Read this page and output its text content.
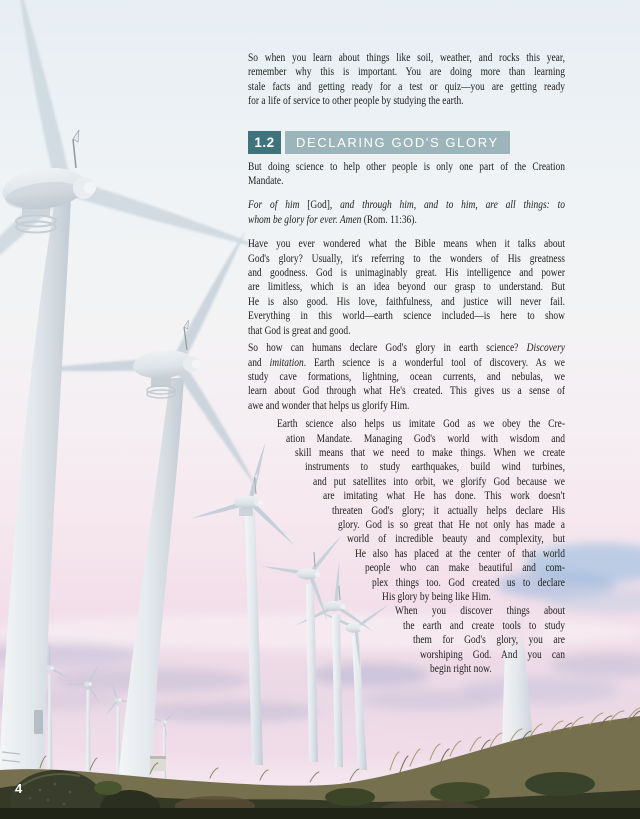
1.2	DECLARING GOD'S GLORY
So when you learn about things like soil, weather, and rocks this year,
remember why this is important. You are doing more than learning
stale facts and getting ready for a test or quiz—you are getting ready
for a life of service to other people by studying the earth.
But doing science to help other people is only one part of the Creation
Mandate.
For of him [God], and through him, and to him, are all things: to
whom be glory for ever. Amen (Rom. 11:36).
Have you ever wondered what the Bible means when it talks about
God's glory? Usually, it's referring to the wonders of His greatness
and goodness. God is unimaginably great. His intelligence and power
are limitless, which is an idea beyond our grasp to understand. But
He is also good. His love, faithfulness, and justice will never fail.
Everything in this world—earth science included—is here to show
that God is great and good.
So how can humans declare God's glory in earth science? Discovery
and imitation. Earth science is a wonderful tool of discovery. As we
study cave formations, lightning, ocean currents, and nebulas, we
learn about God through what He's created. This gives us a sense of
awe and wonder that helps us glorify Him.
Earth science also helps us imitate God as we obey the Cre-
ation Mandate. Managing God's world with wisdom and
skill means that we need to make things. When we create
instruments to study earthquakes, build wind turbines,
and put satellites into orbit, we glorify God because we
are imitating what He has done. This work doesn't
threaten God's glory; it actually helps declare His
glory. God is so great that He not only has made a
world of incredible beauty and complexity, but
He also has placed at the center of that world
people who can make beautiful and com-
plex things too. God created us to declare
His glory by being like Him.
When you discover things about
the earth and create tools to study
them for God's glory, you are
worshiping God. And you can
begin right now.
4
